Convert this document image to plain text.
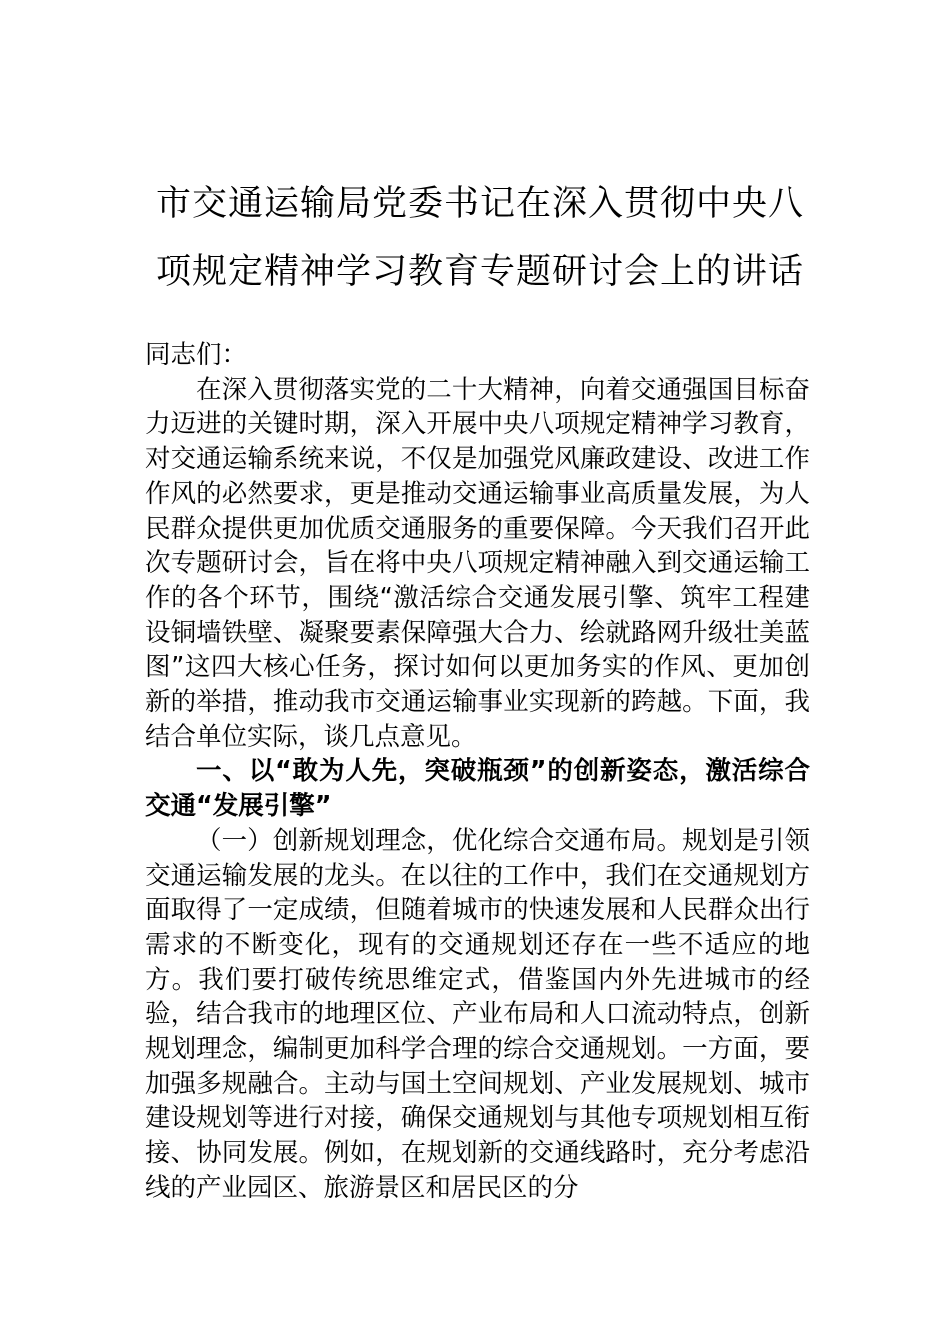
市交通运输局党委书记在深入贯彻中央八
项规定精神学习教育专题研讨会上的讲话

同志们：

在深入贯彻落实党的二十大精神，向着交通强国目标奋力迈进的关键时期，深入开展中央八项规定精神学习教育，对交通运输系统来说，不仅是加强党风廉政建设、改进工作作风的必然要求，更是推动交通运输事业高质量发展，为人民群众提供更加优质交通服务的重要保障。今天我们召开此次专题研讨会，旨在将中央八项规定精神融入到交通运输工作的各个环节，围绕“激活综合交通发展引擎、筑牢工程建设铜墙铁壁、凝聚要素保障强大合力、绘就路网升级壮美蓝图”这四大核心任务，探讨如何以更加务实的作风、更加创新的举措，推动我市交通运输事业实现新的跨越。下面，我结合单位实际，谈几点意见。

一、以“敢为人先，突破瓶颈”的创新姿态，激活综合交通“发展引擎”

（一）创新规划理念，优化综合交通布局。规划是引领交通运输发展的龙头。在以往的工作中，我们在交通规划方面取得了一定成绩，但随着城市的快速发展和人民群众出行需求的不断变化，现有的交通规划还存在一些不适应的地方。我们要打破传统思维定式，借鉴国内外先进城市的经验，结合我市的地理区位、产业布局和人口流动特点，创新规划理念，编制更加科学合理的综合交通规划。一方面，要加强多规融合。主动与国土空间规划、产业发展规划、城市建设规划等进行对接，确保交通规划与其他专项规划相互衔接、协同发展。例如，在规划新的交通线路时，充分考虑沿线的产业园区、旅游景区和居民区的分
